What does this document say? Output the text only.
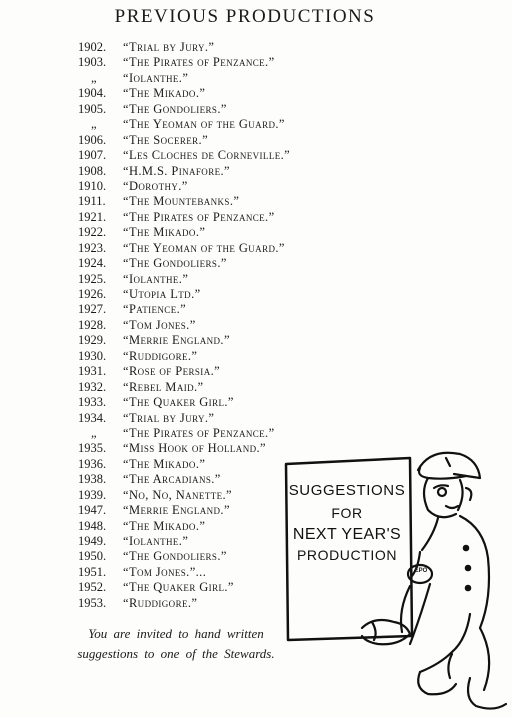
PREVIOUS PRODUCTIONS
1902.	“Trial by Jury.”
1903.	“The Pirates of Penzance.”
„	“Iolanthe.”
1904.	“The Mikado.”
1905.	“The Gondoliers.”
„	“The Yeoman of the Guard.”
1906.	“The Socerer.”
1907.	“Les Cloches de Corneville.”
1908.	“H.M.S. Pinafore.”
1910.	“Dorothy.”
1911.	“The Mountebanks.”
1921.	“The Pirates of Penzance.”
1922.	“The Mikado.”
1923.	“The Yeoman of the Guard.”
1924.	“The Gondoliers.”
1925.	“Iolanthe.”
1926.	“Utopia Ltd.”
1927.	“Patience.”
1928.	“Tom Jones.”
1929.	“Merrie England.”
1930.	“Ruddigore.”
1931.	“Rose of Persia.”
1932.	“Rebel Maid.”
1933.	“The Quaker Girl.”
1934.	“Trial by Jury.”
„	“The Pirates of Penzance.”
1935.	“Miss Hook of Holland.”
1936.	“The Mikado.”
1938.	“The Arcadians.”
1939.	“No, No, Nanette.”
1947.	“Merrie England.”
1948.	“The Mikado.”
1949.	“Iolanthe.”
1950.	“The Gondoliers.”
1951.	“Tom Jones.”...
1952.	“The Quaker Girl.”
1953.	“Ruddigore.”
You are invited to hand written suggestions to one of the Stewards.
SUGGESTIONS
FOR
NEXT YEAR'S
PRODUCTION
EPO
